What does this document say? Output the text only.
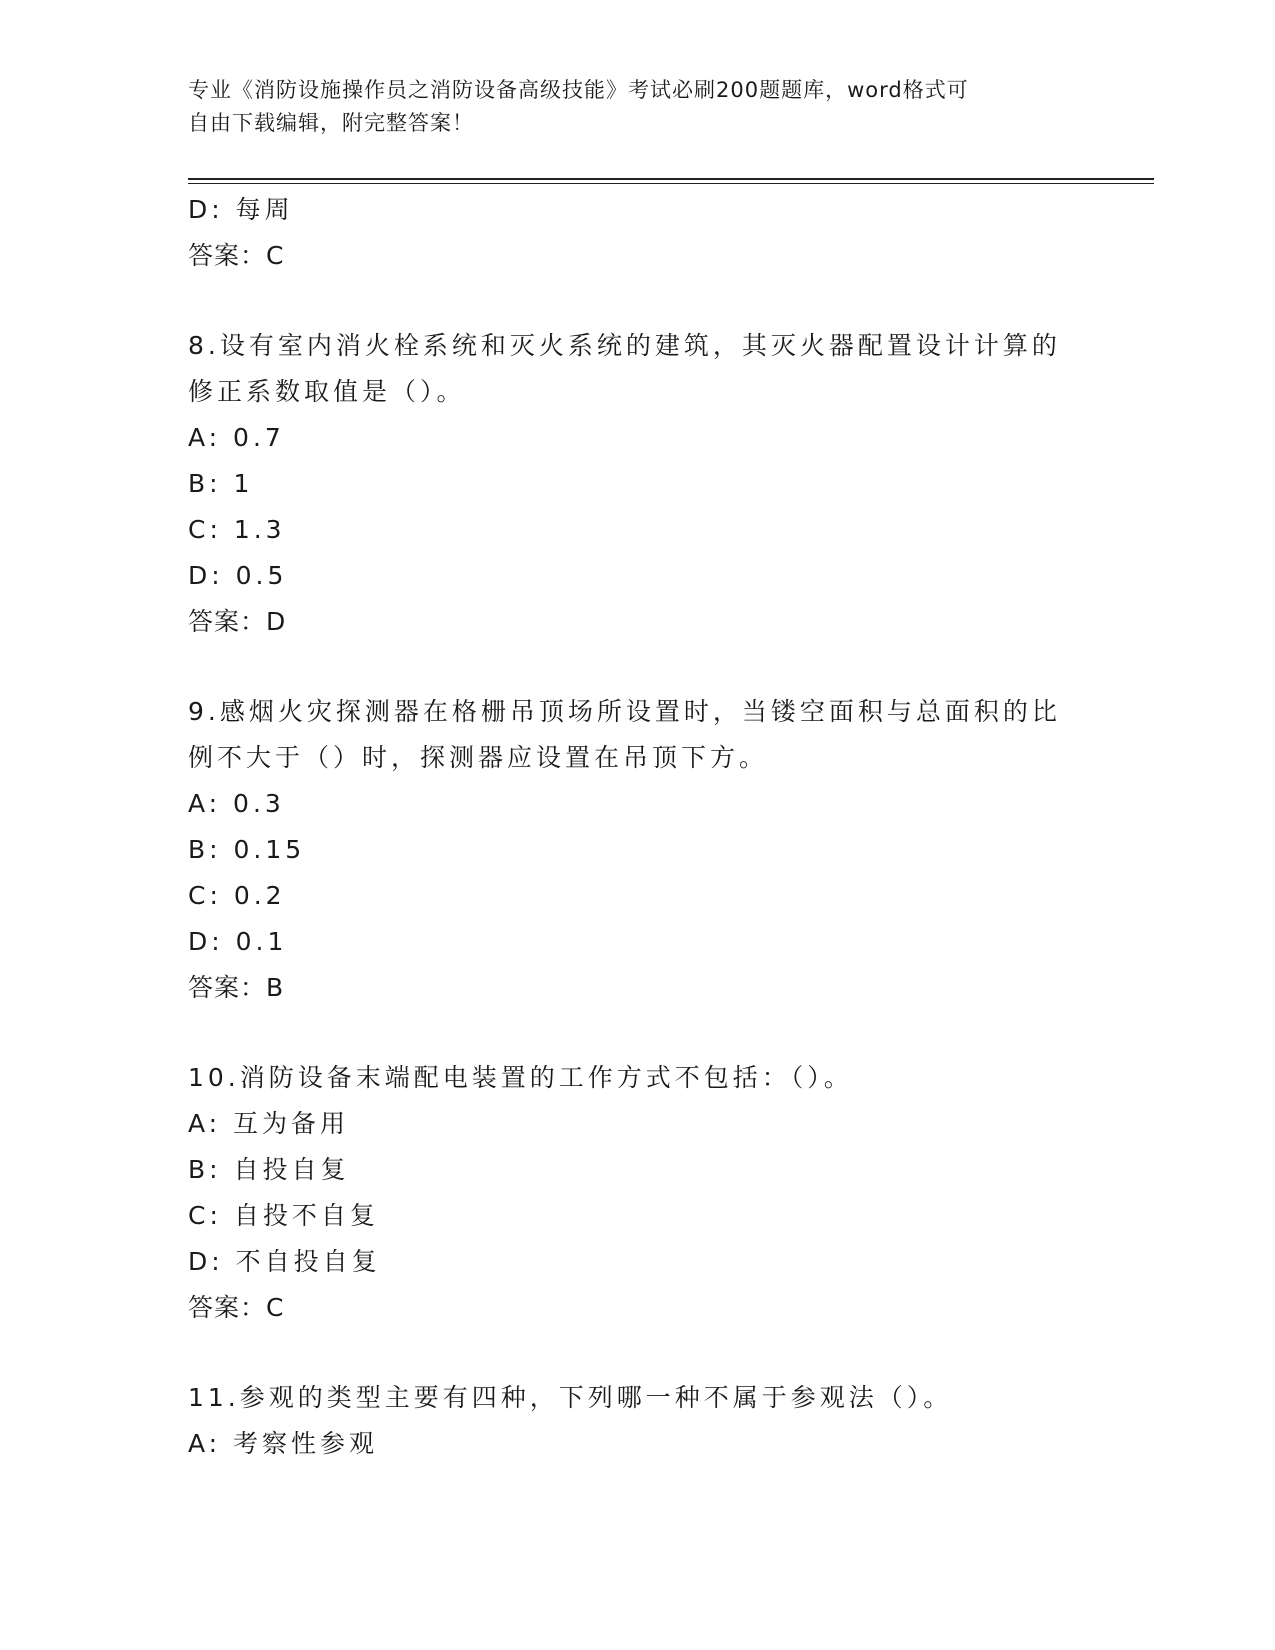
专业《消防设施操作员之消防设备高级技能》考试必刷200题题库，word格式可
自由下载编辑，附完整答案！
D: 每周
答案：C
8.设有室内消火栓系统和灭火系统的建筑，其灭火器配置设计计算的
修正系数取值是（）。
A: 0.7
B: 1
C: 1.3
D: 0.5
答案：D
9.感烟火灾探测器在格栅吊顶场所设置时，当镂空面积与总面积的比
例不大于（）时，探测器应设置在吊顶下方。
A: 0.3
B: 0.15
C: 0.2
D: 0.1
答案：B
10.消防设备末端配电装置的工作方式不包括：（）。
A: 互为备用
B: 自投自复
C: 自投不自复
D: 不自投自复
答案：C
11.参观的类型主要有四种，下列哪一种不属于参观法（）。
A: 考察性参观
